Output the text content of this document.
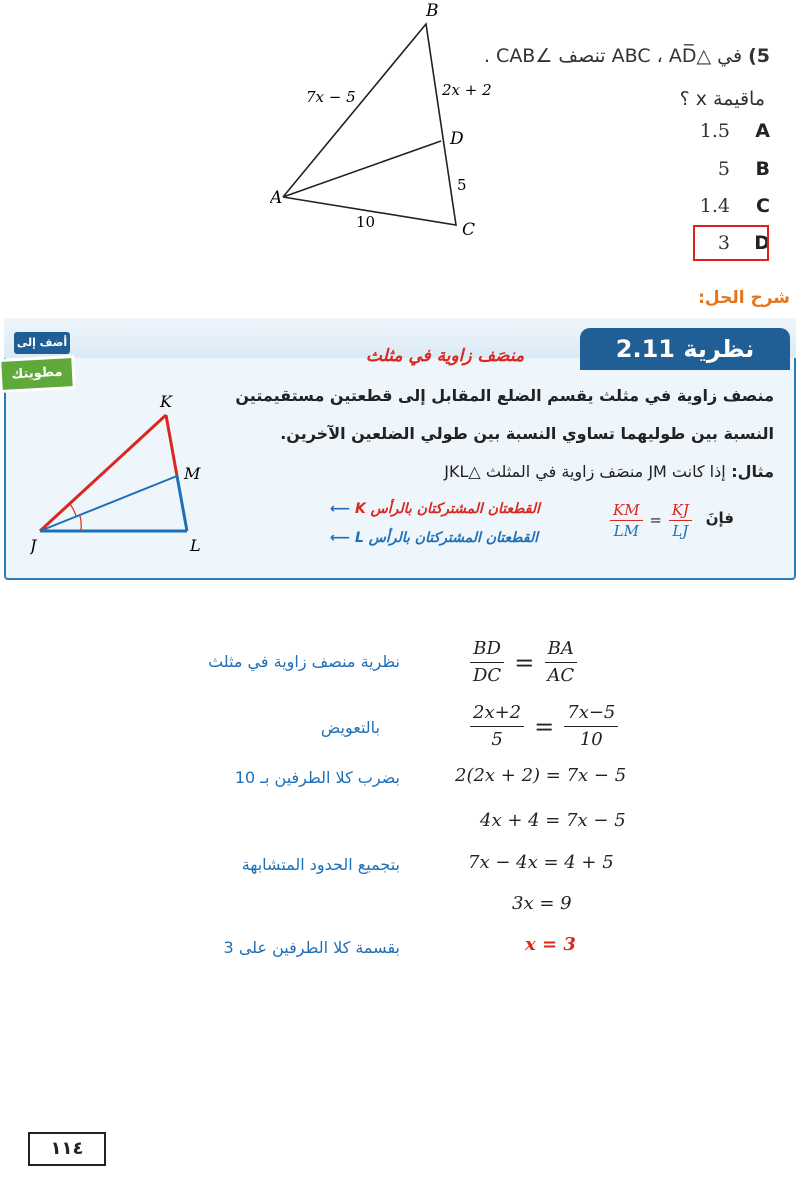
B
A
C
D
7x − 5	2x + 2
5
10
5) في △ABC ، AD̅ تنصف ∠CAB .
ماقيمة x ؟
1.5 A
5 B
1.4 C
3 D
شرح الحل:
نظرية 2.11
منصَف زاوية في مثلث
أضف إلى
مطويتك
منصف زاوية في مثلث يقسم الضلع المقابل إلى قطعتين مستقيمتين
النسبة بين طوليهما تساوي النسبة بين طولي الضلعين الآخرين.
مثال: إذا كانت JM منصَف زاوية في المثلث △JKL
K
M
J	L
فإنَ
$\frac{KM}{LM} = \frac{KJ}{LJ}$
القطعتان المشتركتان بالرأس K ⟵
القطعتان المشتركتان بالرأس L ⟵
نظرية منصف زاوية في مثلث	$\frac{BD}{DC} = \frac{BA}{AC}$
بالتعويض	$\frac{2x+2}{5} = \frac{7x-5}{10}$
بضرب كلا الطرفين بـ 10	2(2x + 2) = 7x − 5
4x + 4 = 7x − 5
بتجميع الحدود المتشابهة	7x − 4x = 4 + 5
3x = 9
بقسمة كلا الطرفين على 3	x = 3
١١٤
